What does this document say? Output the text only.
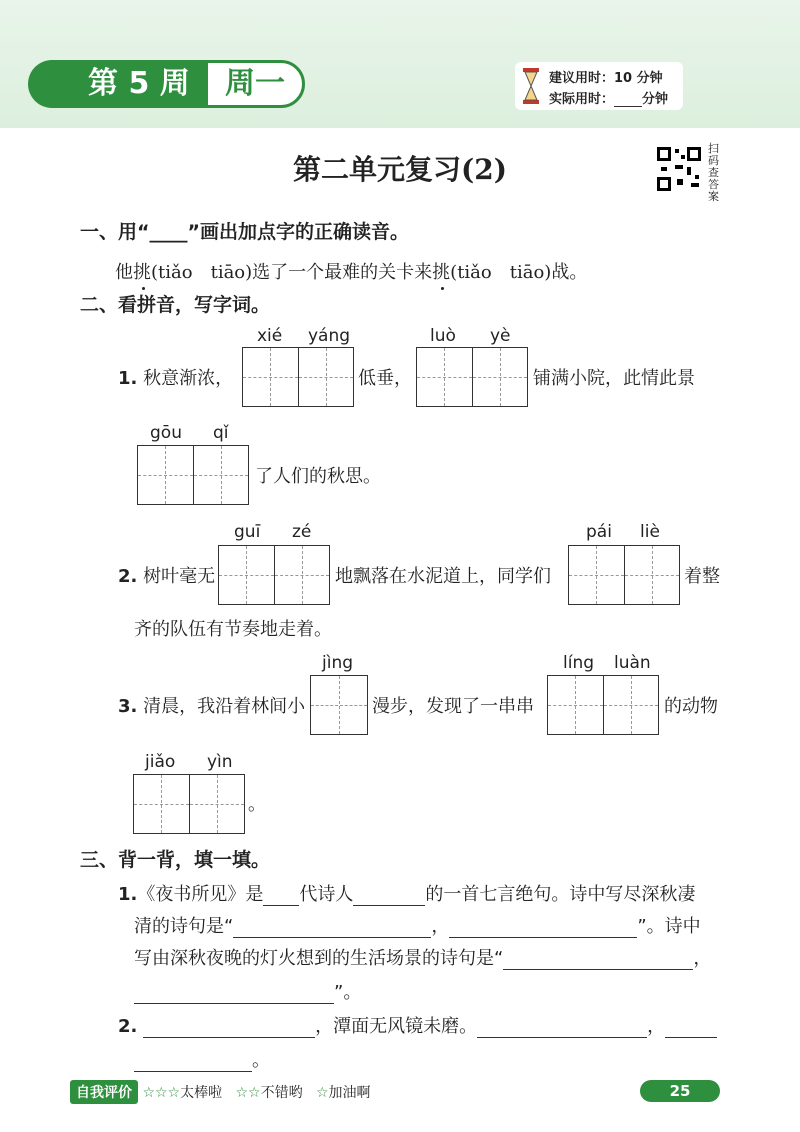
第 5 周	周一	建议用时：10 分钟
实际用时： 分钟
第二单元复习(2)
扫码查答案
一、用“____”画出加点字的正确读音。
他挑(tiǎo　tiāo)选了一个最难的关卡来挑(tiǎo　tiāo)战。
二、看拼音，写字词。
xié yáng	luò yè
1. 秋意渐浓，	低垂，	铺满小院，此情此景
gōu qǐ
了人们的秋思。
guī zé	pái liè
2. 树叶毫无	地飘落在水泥道上，同学们	着整
齐的队伍有节奏地走着。
jìng	líng luàn
3. 清晨，我沿着林间小	漫步，发现了一串串	的动物
jiǎo yìn
。
三、背一背，填一填。
1.《夜书所见》是 代诗人	的一首七言绝句。诗中写尽深秋凄
清的诗句是“	，	”。诗中
写由深秋夜晚的灯火想到的生活场景的诗句是“	，
”。
2.	，潭面无风镜未磨。	，
。
自我评价 ☆☆☆太棒啦 ☆☆不错哟 ☆加油啊	25
